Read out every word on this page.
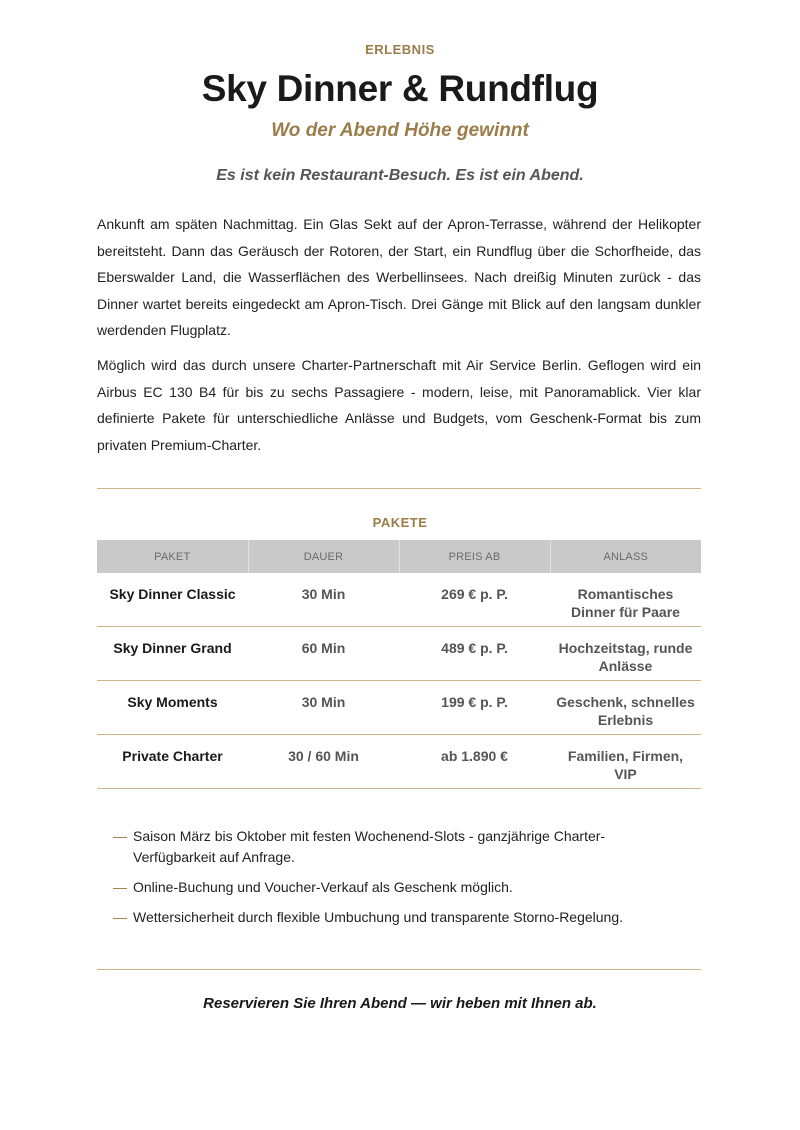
ERLEBNIS
Sky Dinner & Rundflug
Wo der Abend Höhe gewinnt
Es ist kein Restaurant-Besuch. Es ist ein Abend.

Ankunft am späten Nachmittag. Ein Glas Sekt auf der Apron-Terrasse, während der Helikopter bereitsteht. Dann das Geräusch der Rotoren, der Start, ein Rundflug über die Schorfheide, das Eberswalder Land, die Wasserflächen des Werbellinsees. Nach dreißig Minuten zurück - das Dinner wartet bereits eingedeckt am Apron-Tisch. Drei Gänge mit Blick auf den langsam dunkler werdenden Flugplatz.

Möglich wird das durch unsere Charter-Partnerschaft mit Air Service Berlin. Geflogen wird ein Airbus EC 130 B4 für bis zu sechs Passagiere - modern, leise, mit Panoramablick. Vier klar definierte Pakete für unterschiedliche Anlässe und Budgets, vom Geschenk-Format bis zum privaten Premium-Charter.

PAKETE
PAKET	DAUER	PREIS AB	ANLASS
Sky Dinner Classic	30 Min	269 € p. P.	Romantisches Dinner für Paare
Sky Dinner Grand	60 Min	489 € p. P.	Hochzeitstag, runde Anlässe
Sky Moments	30 Min	199 € p. P.	Geschenk, schnelles Erlebnis
Private Charter	30 / 60 Min	ab 1.890 €	Familien, Firmen, VIP
— Saison März bis Oktober mit festen Wochenend-Slots - ganzjährige Charter-Verfügbarkeit auf Anfrage.
— Online-Buchung und Voucher-Verkauf als Geschenk möglich.
— Wettersicherheit durch flexible Umbuchung und transparente Storno-Regelung.
Reservieren Sie Ihren Abend — wir heben mit Ihnen ab.
